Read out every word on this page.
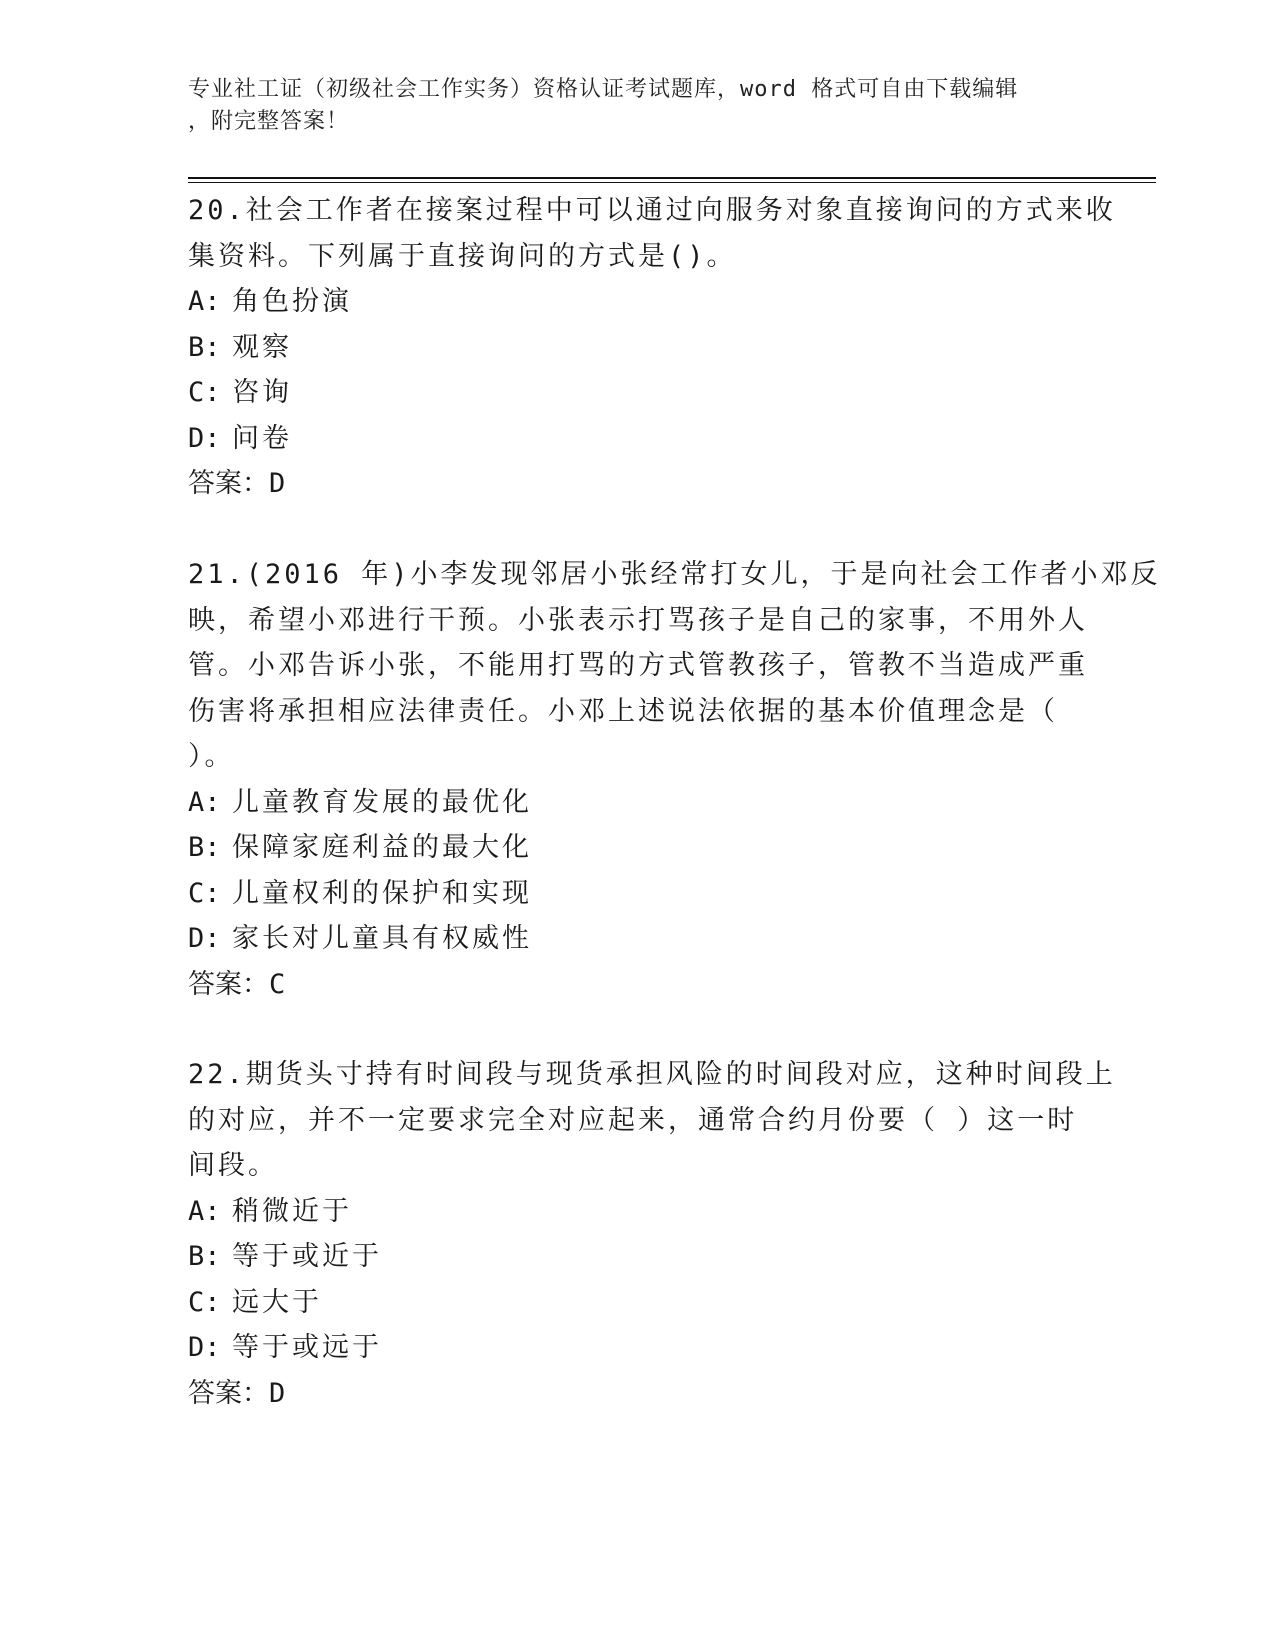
专业社工证（初级社会工作实务）资格认证考试题库，word 格式可自由下载编辑
，附完整答案！
20.社会工作者在接案过程中可以通过向服务对象直接询问的方式来收
集资料。下列属于直接询问的方式是()。
A: 角色扮演
B: 观察
C: 咨询
D: 问卷
答案：D
21.(2016 年)小李发现邻居小张经常打女儿，于是向社会工作者小邓反
映，希望小邓进行干预。小张表示打骂孩子是自己的家事，不用外人
管。小邓告诉小张，不能用打骂的方式管教孩子，管教不当造成严重
伤害将承担相应法律责任。小邓上述说法依据的基本价值理念是（
）。
A: 儿童教育发展的最优化
B: 保障家庭利益的最大化
C: 儿童权利的保护和实现
D: 家长对儿童具有权威性
答案：C
22.期货头寸持有时间段与现货承担风险的时间段对应，这种时间段上
的对应，并不一定要求完全对应起来，通常合约月份要（ ）这一时
间段。
A: 稍微近于
B: 等于或近于
C: 远大于
D: 等于或远于
答案：D
